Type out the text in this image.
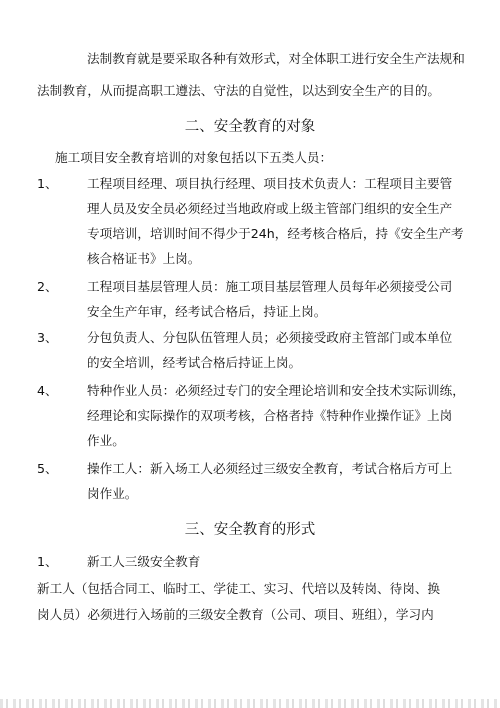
法制教育就是要采取各种有效形式，对全体职工进行安全生产法规和
法制教育，从而提高职工遵法、守法的自觉性，以达到安全生产的目的。
二、安全教育的对象
施工项目安全教育培训的对象包括以下五类人员：
1、 工程项目经理、项目执行经理、项目技术负责人：工程项目主要管
理人员及安全员必须经过当地政府或上级主管部门组织的安全生产
专项培训，培训时间不得少于24h，经考核合格后，持《安全生产考
核合格证书》上岗。
2、 工程项目基层管理人员：施工项目基层管理人员每年必须接受公司
安全生产年审，经考试合格后，持证上岗。
3、 分包负责人、分包队伍管理人员；必须接受政府主管部门或本单位
的安全培训，经考试合格后持证上岗。
4、 特种作业人员：必须经过专门的安全理论培训和安全技术实际训练，
经理论和实际操作的双项考核，合格者持《特种作业操作证》上岗
作业。
5、 操作工人：新入场工人必须经过三级安全教育，考试合格后方可上
岗作业。
三、安全教育的形式
1、 新工人三级安全教育
新工人（包括合同工、临时工、学徒工、实习、代培以及转岗、待岗、换
岗人员）必须进行入场前的三级安全教育（公司、项目、班组），学习内
